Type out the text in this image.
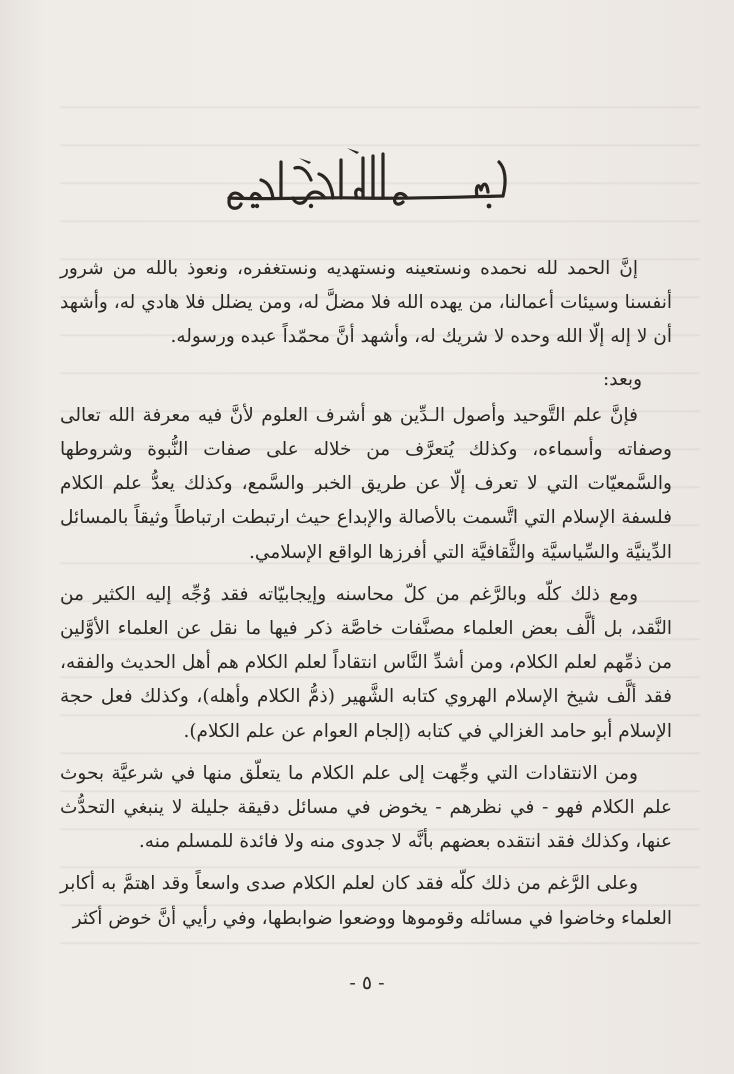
إنَّ الحمد لله نحمده ونستعينه ونستهديه ونستغفره، ونعوذ بالله من شرور أنفسنا وسيئات أعمالنا، من يهده الله فلا مضلَّ له، ومن يضلل فلا هادي له، وأشهد أن لا إله إلّا الله وحده لا شريك له، وأشهد أنَّ محمّداً عبده ورسوله.

وبعد:

فإنَّ علم التَّوحيد وأصول الـدِّين هو أشرف العلوم لأنَّ فيه معرفة الله تعالى وصفاته وأسماءه، وكذلك يُتعرَّف من خلاله على صفات النُّبوة وشروطها والسَّمعيّات التي لا تعرف إلّا عن طريق الخبر والسَّمع، وكذلك يعدُّ علم الكلام فلسفة الإسلام التي اتَّسمت بالأصالة والإبداع حيث ارتبطت ارتباطاً وثيقاً بالمسائل الدِّينيَّة والسِّياسيَّة والثَّقافيَّة التي أفرزها الواقع الإسلامي.

ومع ذلك كلّه وبالرَّغم من كلّ محاسنه وإيجابيّاته فقد وُجِّه إليه الكثير من النَّقد، بل ألَّف بعض العلماء مصنَّفات خاصَّة ذكر فيها ما نقل عن العلماء الأوَّلين من ذمِّهم لعلم الكلام، ومن أشدِّ النَّاس انتقاداً لعلم الكلام هم أهل الحديث والفقه، فقد ألَّف شيخ الإسلام الهروي كتابه الشَّهير (ذمُّ الكلام وأهله)، وكذلك فعل حجة الإسلام أبو حامد الغزالي في كتابه (إلجام العوام عن علم الكلام).

ومن الانتقادات التي وجِّهت إلى علم الكلام ما يتعلّق منها في شرعيَّة بحوث علم الكلام فهو - في نظرهم - يخوض في مسائل دقيقة جليلة لا ينبغي التحدُّث عنها، وكذلك فقد انتقده بعضهم بأنَّه لا جدوى منه ولا فائدة للمسلم منه.

وعلى الرَّغم من ذلك كلّه فقد كان لعلم الكلام صدى واسعاً وقد اهتمَّ به أكابر العلماء وخاضوا في مسائله وقوموها ووضعوا ضوابطها، وفي رأيي أنَّ خوض أكثر

- ٥ -
